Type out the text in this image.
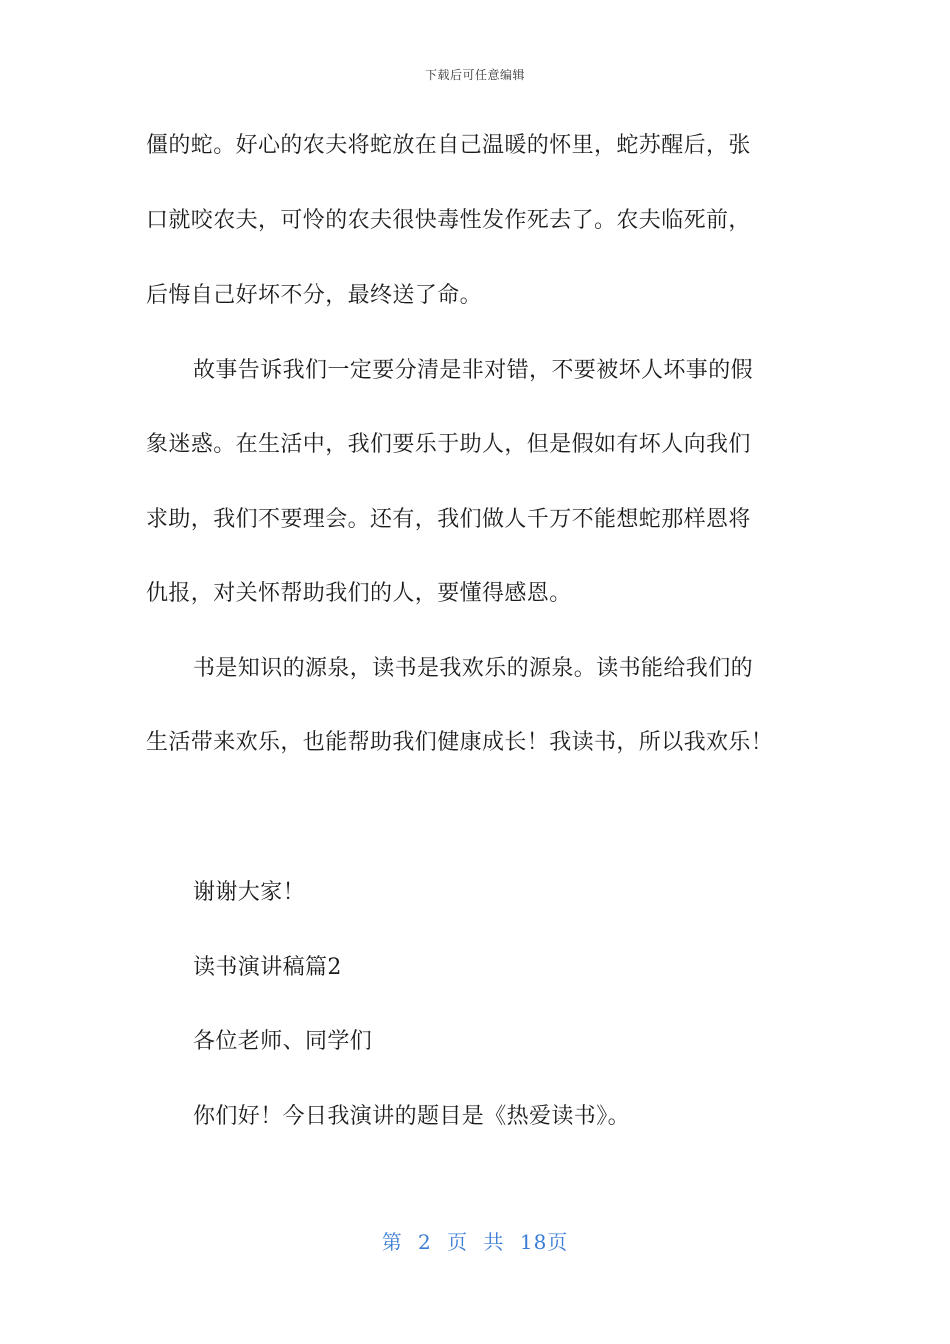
下载后可任意编辑
僵的蛇。好心的农夫将蛇放在自己温暖的怀里，蛇苏醒后，张
口就咬农夫，可怜的农夫很快毒性发作死去了。农夫临死前，
后悔自己好坏不分，最终送了命。
故事告诉我们一定要分清是非对错，不要被坏人坏事的假
象迷惑。在生活中，我们要乐于助人，但是假如有坏人向我们
求助，我们不要理会。还有，我们做人千万不能想蛇那样恩将
仇报，对关怀帮助我们的人，要懂得感恩。
书是知识的源泉，读书是我欢乐的源泉。读书能给我们的
生活带来欢乐，也能帮助我们健康成长！我读书，所以我欢乐！
谢谢大家！
读书演讲稿篇2
各位老师、同学们
你们好！今日我演讲的题目是《热爱读书》。
第 2 页 共 18页
